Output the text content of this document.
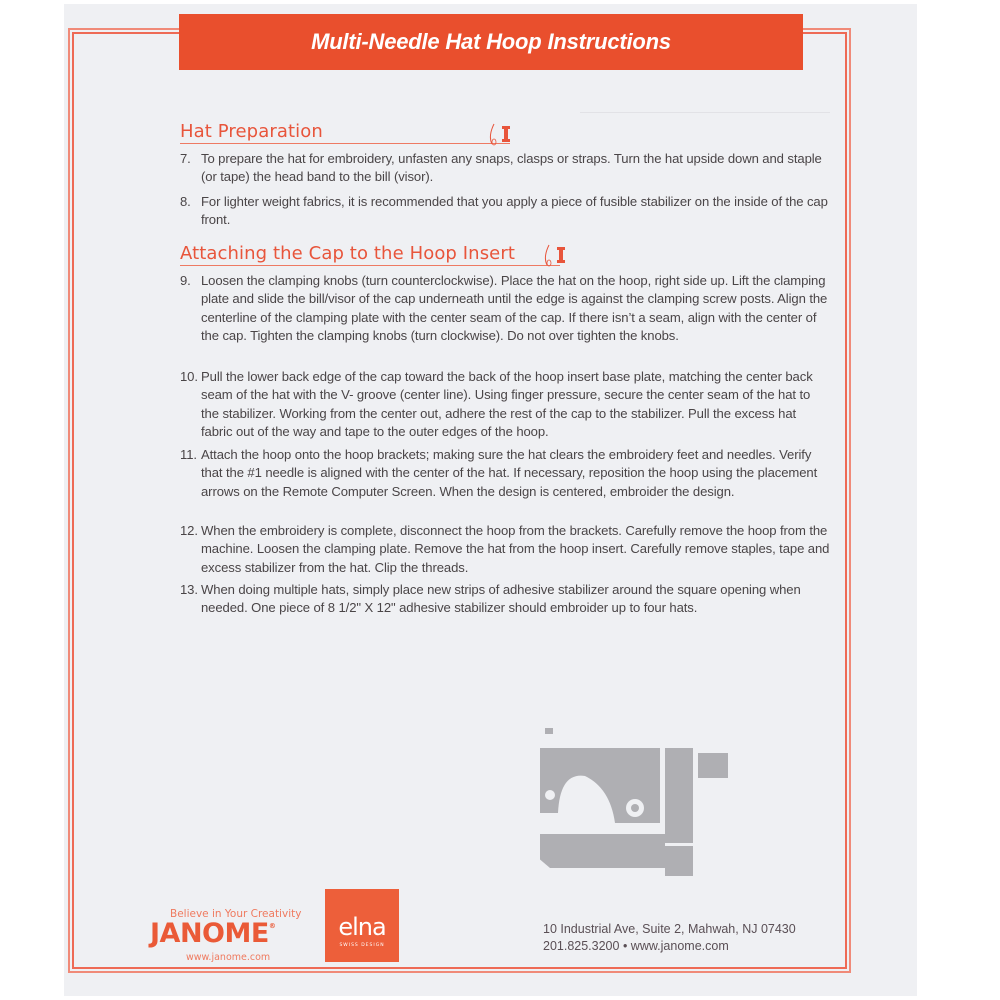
Multi-Needle Hat Hoop Instructions
Hat Preparation
7. To prepare the hat for embroidery, unfasten any snaps, clasps or straps. Turn the hat upside down and staple (or tape) the head band to the bill (visor).
8. For lighter weight fabrics, it is recommended that you apply a piece of fusible stabilizer on the inside of the cap front.
Attaching the Cap to the Hoop Insert
9. Loosen the clamping knobs (turn counterclockwise). Place the hat on the hoop, right side up. Lift the clamping plate and slide the bill/visor of the cap underneath until the edge is against the clamping screw posts. Align the centerline of the clamping plate with the center seam of the cap. If there isn’t a seam, align with the center of the cap. Tighten the clamping knobs (turn clockwise). Do not over tighten the knobs.
10. Pull the lower back edge of the cap toward the back of the hoop insert base plate, matching the center back seam of the hat with the V- groove (center line). Using finger pressure, secure the center seam of the hat to the stabilizer. Working from the center out, adhere the rest of the cap to the stabilizer. Pull the excess hat fabric out of the way and tape to the outer edges of the hoop.
11. Attach the hoop onto the hoop brackets; making sure the hat clears the embroidery feet and needles. Verify that the #1 needle is aligned with the center of the hat. If necessary, reposition the hoop using the placement arrows on the Remote Computer Screen. When the design is centered, embroider the design.
12. When the embroidery is complete, disconnect the hoop from the brackets. Carefully remove the hoop from the machine. Loosen the clamping plate. Remove the hat from the hoop insert. Carefully remove staples, tape and excess stabilizer from the hat. Clip the threads.
13. When doing multiple hats, simply place new strips of adhesive stabilizer around the square opening when needed. One piece of 8 1/2" X 12" adhesive stabilizer should embroider up to four hats.
Believe in Your Creativity
JANOME®
www.janome.com
elna
SWISS DESIGN
10 Industrial Ave, Suite 2, Mahwah, NJ 07430
201.825.3200 • www.janome.com
